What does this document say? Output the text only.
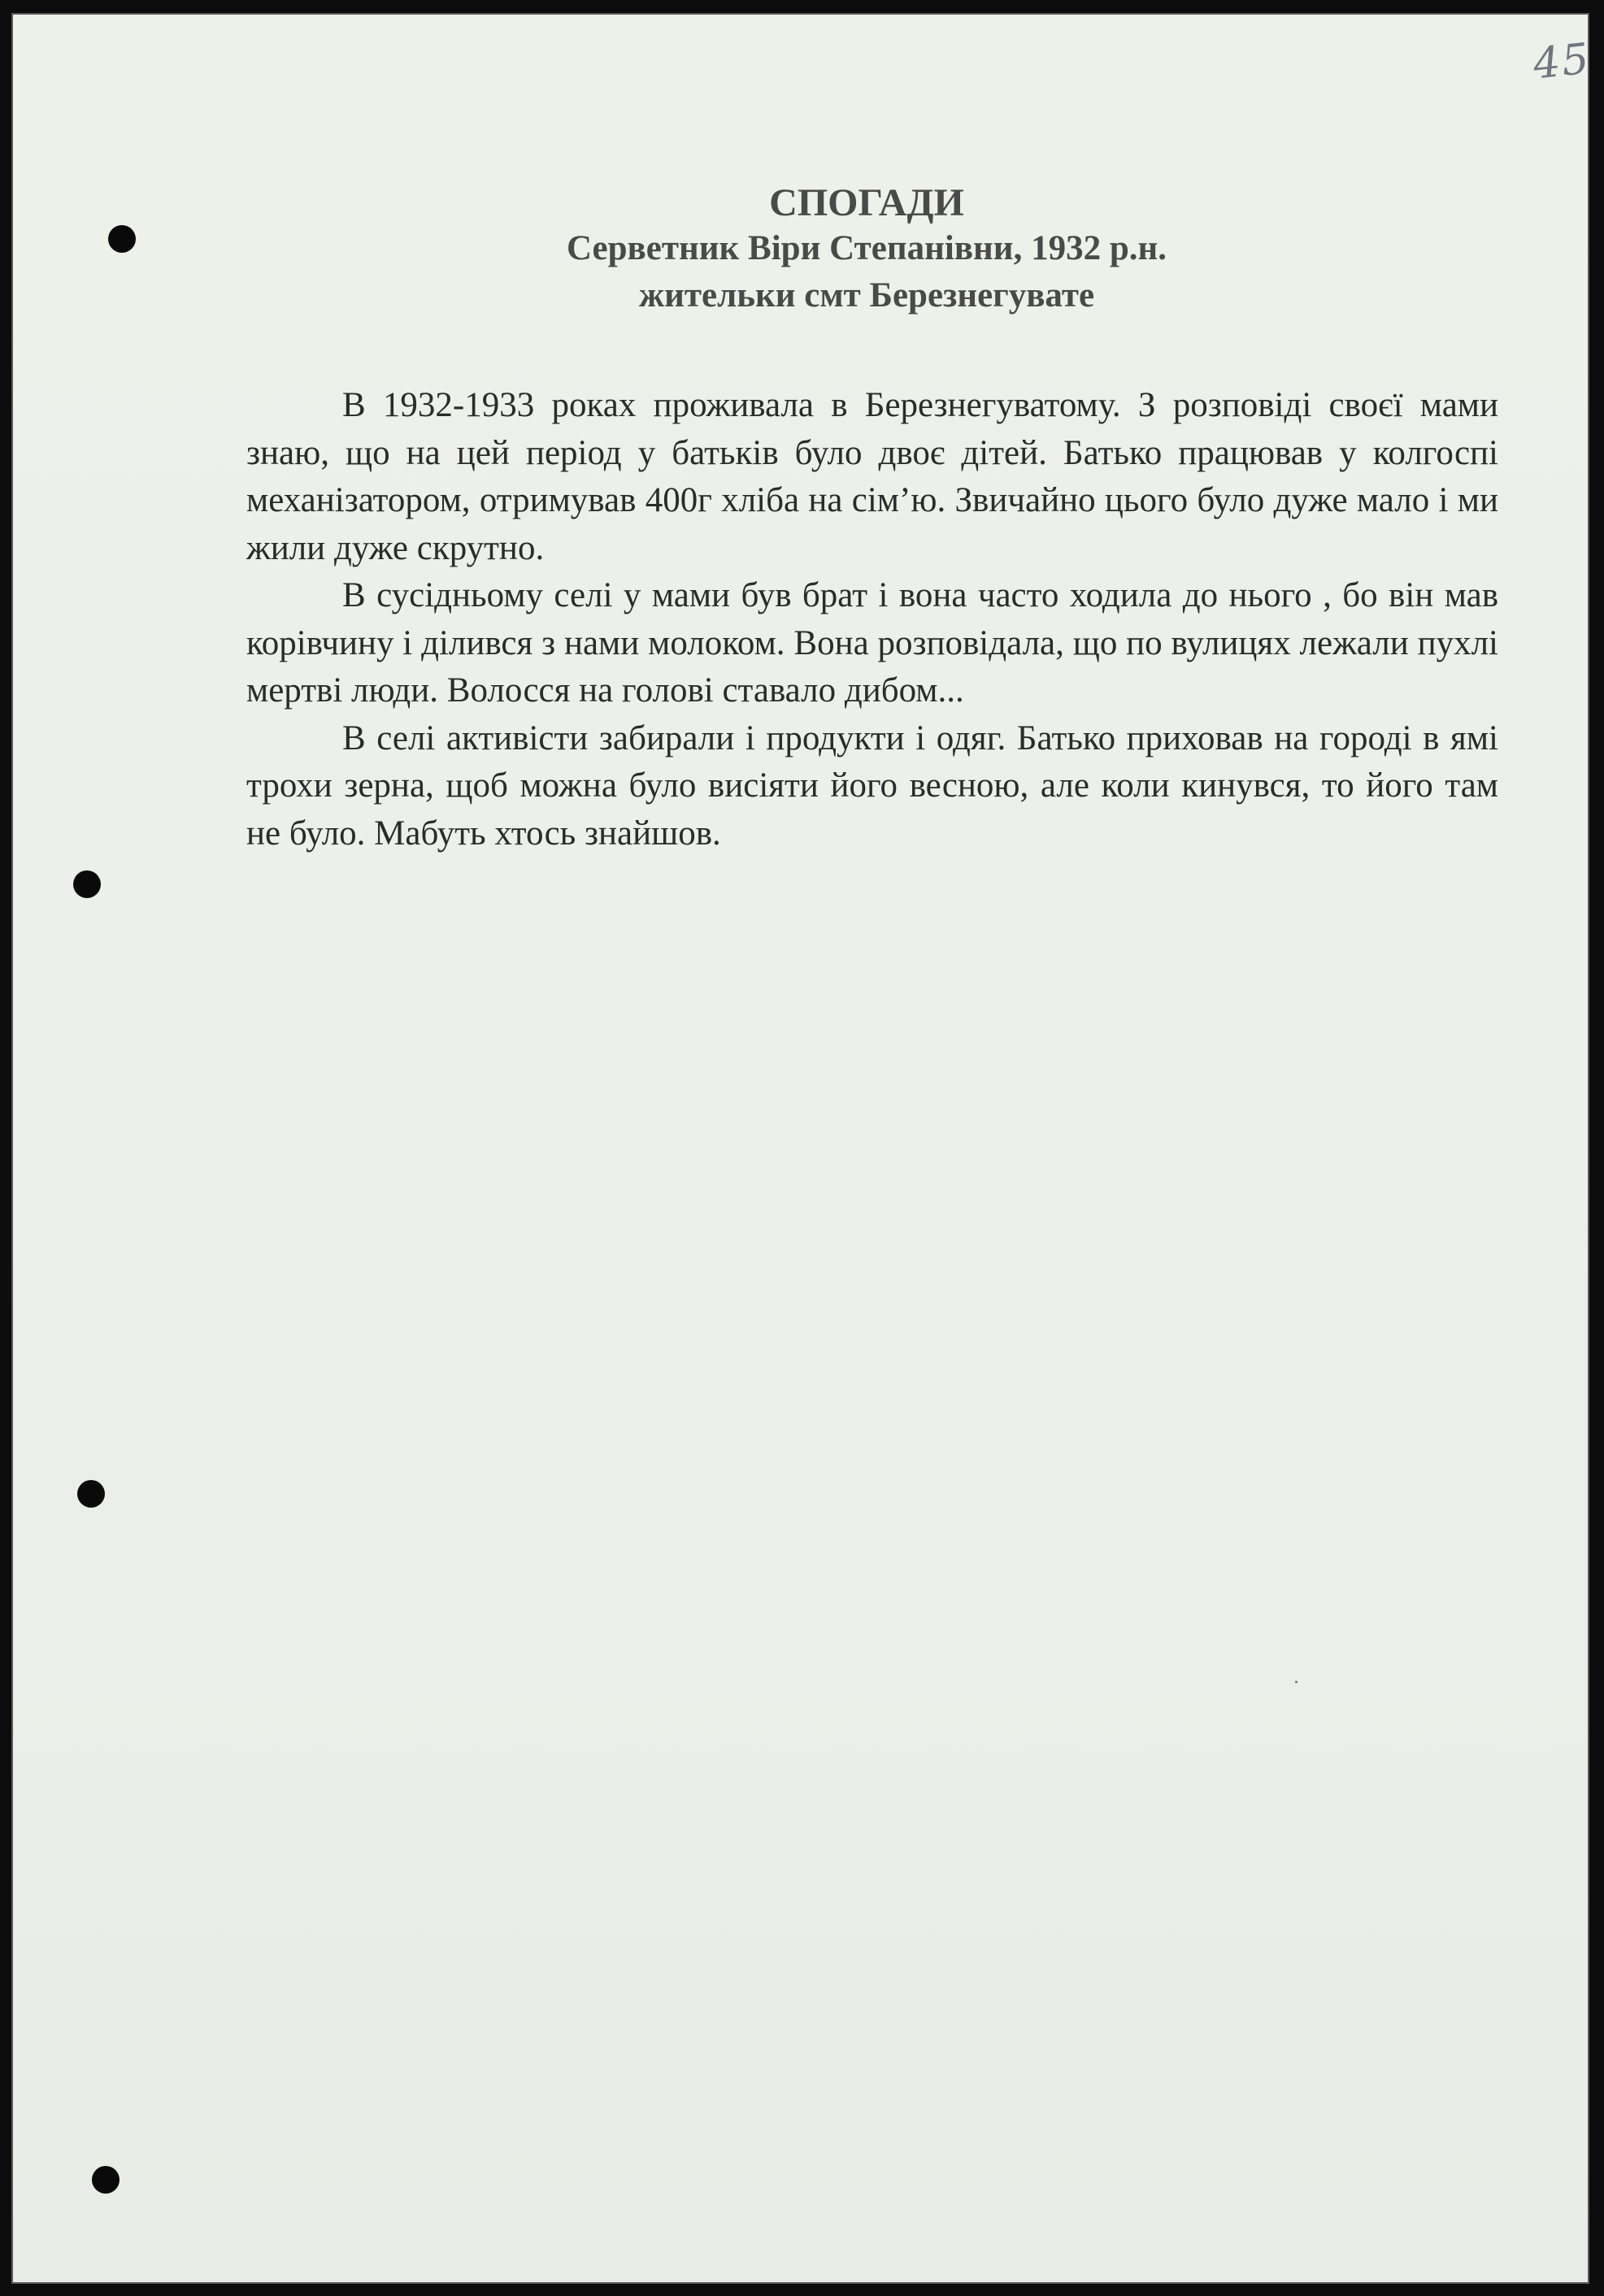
45
СПОГАДИ
Серветник Віри Степанівни, 1932 р.н.
жительки смт Березнегувате

В 1932-1933 роках проживала в Березнегуватому. З розповіді своєї мами знаю, що на цей період у батьків було двоє дітей. Батько працював у колгоспі механізатором, отримував 400г хліба на сім’ю. Звичайно цього було дуже мало і ми жили дуже скрутно.

В сусідньому селі у мами був брат і вона часто ходила до нього , бо він мав корівчину і ділився з нами молоком. Вона розповідала, що по вулицях лежали пухлі мертві люди. Волосся на голові ставало дибом...

В селі активісти забирали і продукти і одяг. Батько приховав на городі в ямі трохи зерна, щоб можна було висіяти його весною, але коли кинувся, то його там не було. Мабуть хтось знайшов.
